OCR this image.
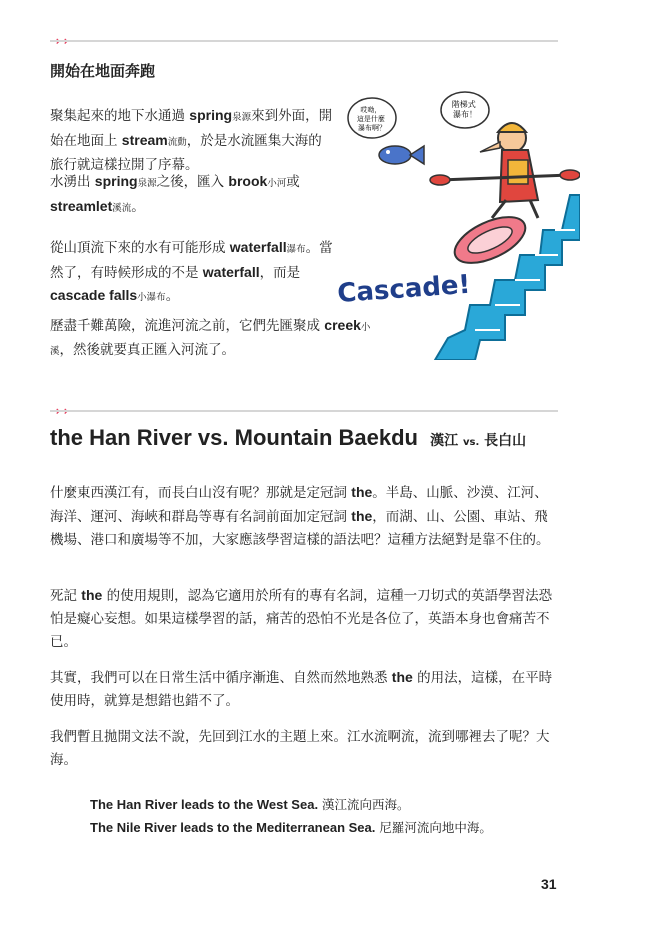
開始在地面奔跑
聚集起來的地下水通過 spring泉源來到外面，開始在地面上 stream流動，於是水流匯集大海的旅行就這樣拉開了序幕。
水湧出 spring泉源之後，匯入 brook小河或 streamlet溪流。
從山頂流下來的水有可能形成 waterfall瀑布。當然了，有時候形成的不是 waterfall，而是 cascade falls小瀑布。
歷盡千難萬險，流進河流之前，它們先匯聚成 creek小溪，然後就要真正匯入河流了。
哎呦， 這是什麼 瀑布啊？
階梯式 瀑布！
Cascade!
the Han River vs. Mountain Baekdu 漢江 vs. 長白山
什麼東西漢江有，而長白山沒有呢？那就是定冠詞 the。半島、山脈、沙漠、江河、海洋、運河、海峽和群島等專有名詞前面加定冠詞 the，而湖、山、公園、車站、飛機場、港口和廣場等不加，大家應該學習這樣的語法吧？這種方法絕對是靠不住的。
死記 the 的使用規則，認為它適用於所有的專有名詞，這種一刀切式的英語學習法恐怕是癡心妄想。如果這樣學習的話，痛苦的恐怕不光是各位了，英語本身也會痛苦不已。
其實，我們可以在日常生活中循序漸進、自然而然地熟悉 the 的用法，這樣，在平時使用時，就算是想錯也錯不了。
我們暫且拋開文法不說，先回到江水的主題上來。江水流啊流，流到哪裡去了呢？大海。
The Han River leads to the West Sea. 漢江流向西海。
The Nile River leads to the Mediterranean Sea. 尼羅河流向地中海。
31
